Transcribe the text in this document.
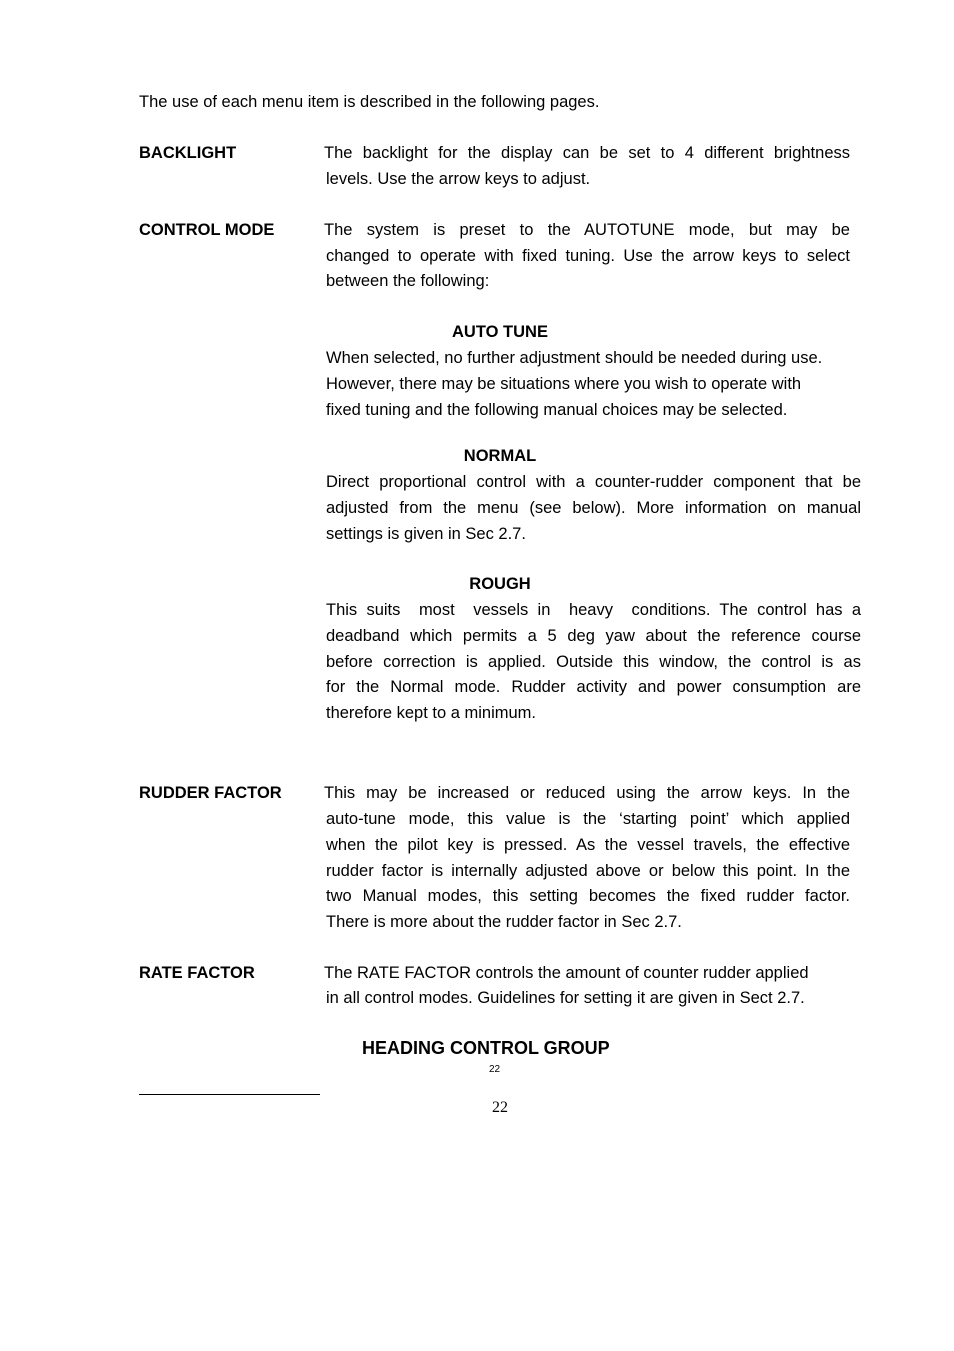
The use of each menu item is described in the following pages.
BACKLIGHT	The backlight for the display can be set to 4 different brightness
levels. Use the arrow keys to adjust.
CONTROL MODE	The system is preset to the AUTOTUNE mode, but may be
changed to operate with fixed tuning. Use the arrow keys to select
between the following:
AUTO TUNE
When selected, no further adjustment should be needed during use.
However, there may be situations where you wish to operate with
fixed tuning and the following manual choices may be selected.
NORMAL
Direct proportional control with a counter-rudder component that be
adjusted from the menu (see below). More information on manual
settings is given in Sec 2.7.
ROUGH
This suits  most  vessels in  heavy  conditions. The control has a
deadband which permits a 5 deg yaw about the reference course
before correction is applied. Outside this window, the control is as
for the Normal mode. Rudder activity and power consumption are
therefore kept to a minimum.
RUDDER FACTOR	This may be increased or reduced using the arrow keys. In the
auto-tune mode, this value is the ‘starting point’ which applied
when the pilot key is pressed. As the vessel travels, the effective
rudder factor is internally adjusted above or below this point. In the
two Manual modes, this setting becomes the fixed rudder factor.
There is more about the rudder factor in Sec 2.7.
RATE FACTOR	The RATE FACTOR controls the amount of counter rudder applied
in all control modes. Guidelines for setting it are given in Sect 2.7.
HEADING CONTROL GROUP
22
22
